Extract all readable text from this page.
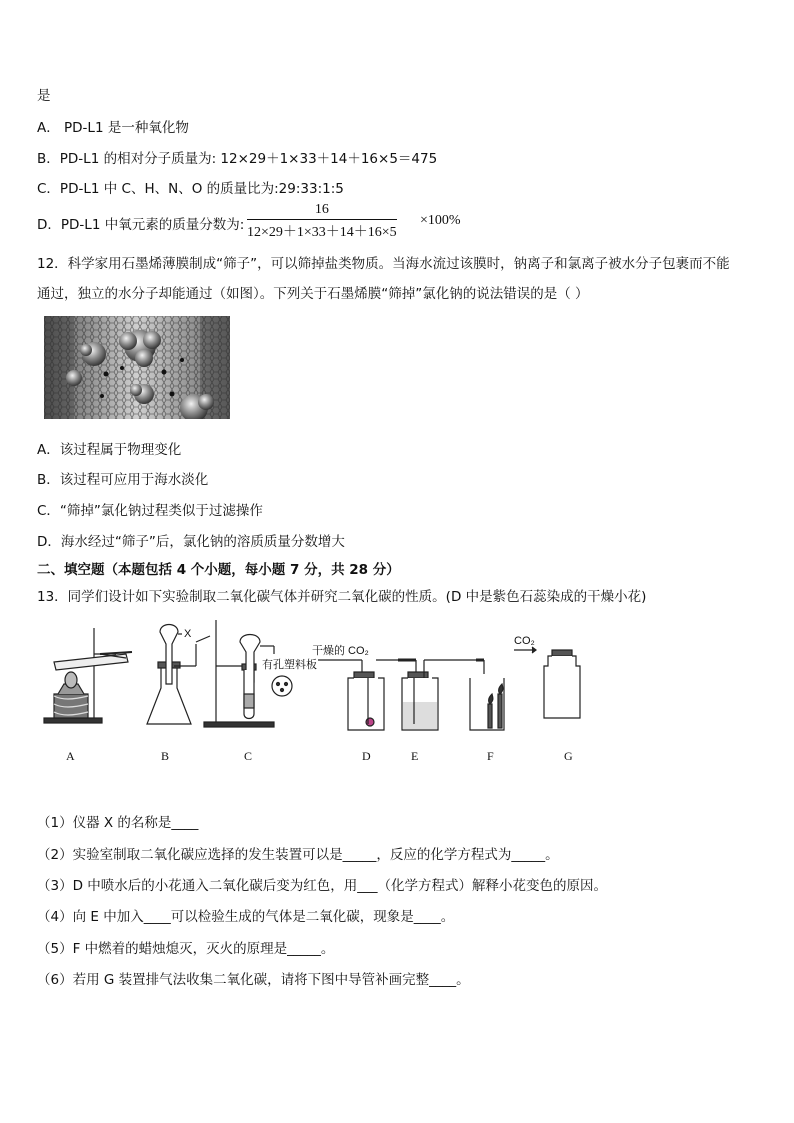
是
A． PD-L1 是一种氧化物
B．PD-L1 的相对分子质量为: 12×29＋1×33＋14＋16×5＝475
C．PD-L1 中 C、H、N、O 的质量比为:29:33:1:5
D．PD-L1 中氧元素的质量分数为: $\frac{16}{12\times 29+1\times 33+14+16\times 5} \times 100\%$
12．科学家用石墨烯薄膜制成“筛子”，可以筛掉盐类物质。当海水流过该膜时，钠离子和氯离子被水分子包裹而不能
通过，独立的水分子却能通过（如图）。下列关于石墨烯膜“筛掉”氯化钠的说法错误的是（ ）
A．该过程属于物理变化
B．该过程可应用于海水淡化
C．“筛掉”氯化钠过程类似于过滤操作
D．海水经过“筛子”后，氯化钠的溶质质量分数增大
二、填空题（本题包括 4 个小题，每小题 7 分，共 28 分）
13．同学们设计如下实验制取二氧化碳气体并研究二氧化碳的性质。(D 中是紫色石蕊染成的干燥小花)
X
有孔塑料板
干燥的 CO₂
CO₂
A	B	C	D	E	F	G
（1）仪器 X 的名称是____
（2）实验室制取二氧化碳应选择的发生装置可以是_____，反应的化学方程式为_____。
（3）D 中喷水后的小花通入二氧化碳后变为红色，用___（化学方程式）解释小花变色的原因。
（4）向 E 中加入____可以检验生成的气体是二氧化碳，现象是____。
（5）F 中燃着的蜡烛熄灭，灭火的原理是_____。
（6）若用 G 装置排气法收集二氧化碳，请将下图中导管补画完整____。
